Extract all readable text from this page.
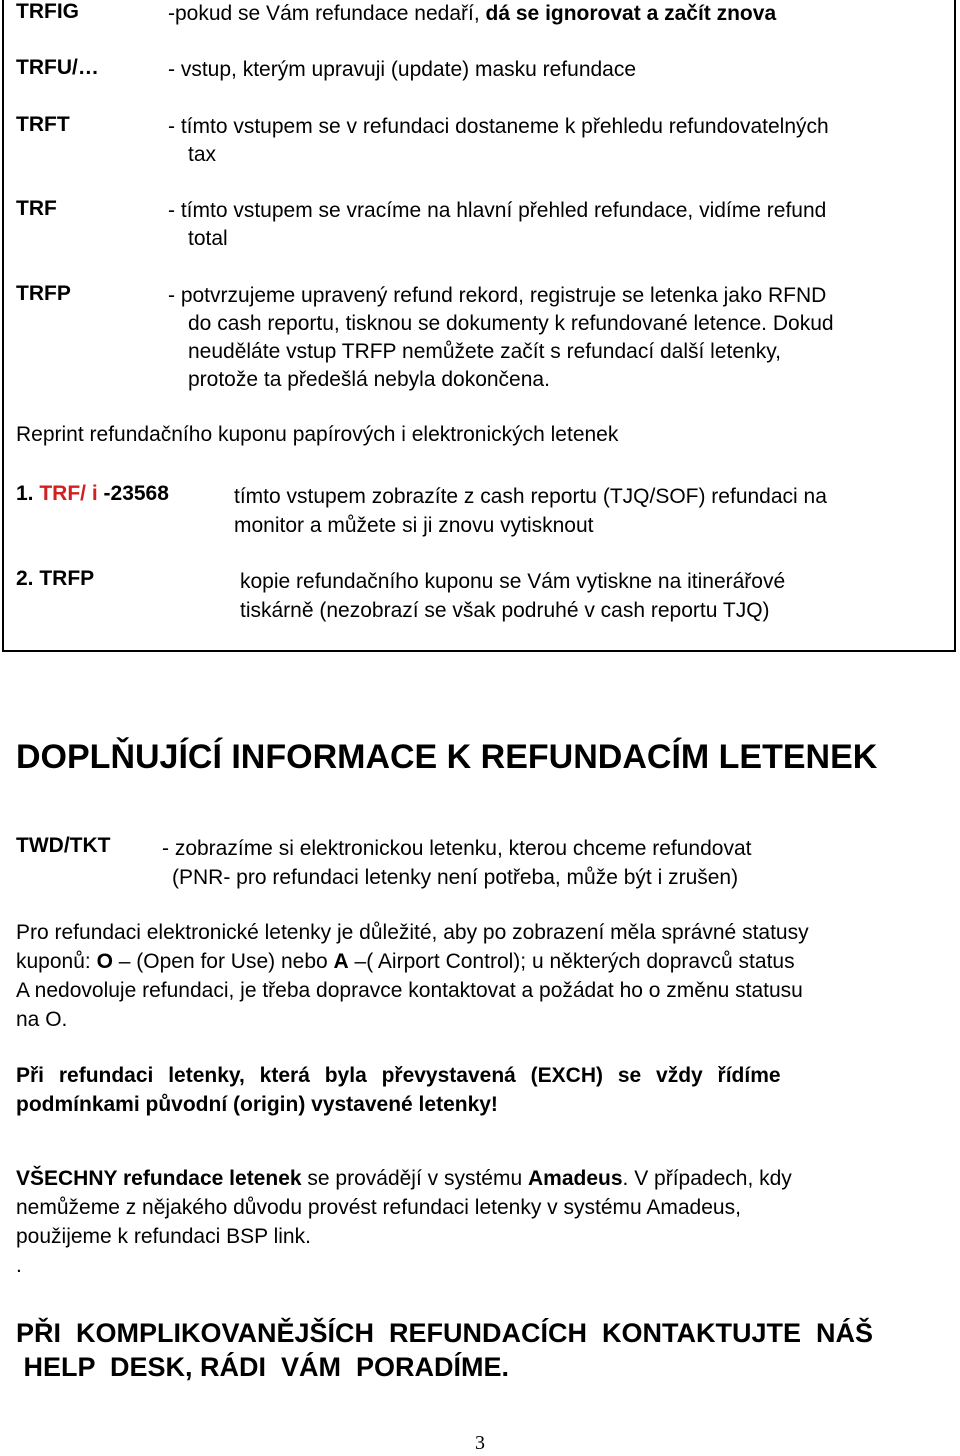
TRFIG	-pokud se Vám refundace nedaří, dá se ignorovat a začít znova
TRFU/…	- vstup, kterým upravuji (update) masku refundace
TRFT	- tímto vstupem se v refundaci dostaneme k přehledu refundovatelných

tax

TRF	- tímto vstupem se vracíme na hlavní přehled refundace, vidíme refund

total

TRFP	- potvrzujeme upravený refund rekord, registruje se letenka jako RFND

do cash reportu, tisknou se dokumenty k refundované letence. Dokud

neuděláte vstup TRFP nemůžete začít s refundací další letenky,

protože ta předešlá nebyla dokončena.

Reprint refundačního kuponu papírových i elektronických letenek
1. TRF/ i -23568	tímto vstupem zobrazíte z cash reportu (TJQ/SOF) refundaci na

monitor a můžete si ji znovu vytisknout

2. TRFP	kopie refundačního kuponu se Vám vytiskne na itinerářové

tiskárně (nezobrazí se však podruhé v cash reportu TJQ)

DOPLŇUJÍCÍ INFORMACE K REFUNDACÍM LETENEK
TWD/TKT - zobrazíme si elektronickou letenku, kterou chceme refundovat

(PNR- pro refundaci letenky není potřeba, může být i zrušen)

Pro refundaci elektronické letenky je důležité, aby po zobrazení měla správné statusy

kuponů: O – (Open for Use) nebo A –( Airport Control); u některých dopravců status

A nedovoluje refundaci, je třeba dopravce kontaktovat a požádat ho o změnu statusu

na O.

Při refundaci letenky, která byla převystavená (EXCH) se vždy řídíme

podmínkami původní (origin) vystavené letenky!

VŠECHNY refundace letenek se provádějí v systému Amadeus. V případech, kdy

nemůžeme z nějakého důvodu provést refundaci letenky v systému Amadeus,

použijeme k refundaci BSP link.

.

PŘI  KOMPLIKOVANĚJŠÍCH  REFUNDACÍCH  KONTAKTUJTE  NÁŠ

HELP  DESK, RÁDI  VÁM  PORADÍME.

3
